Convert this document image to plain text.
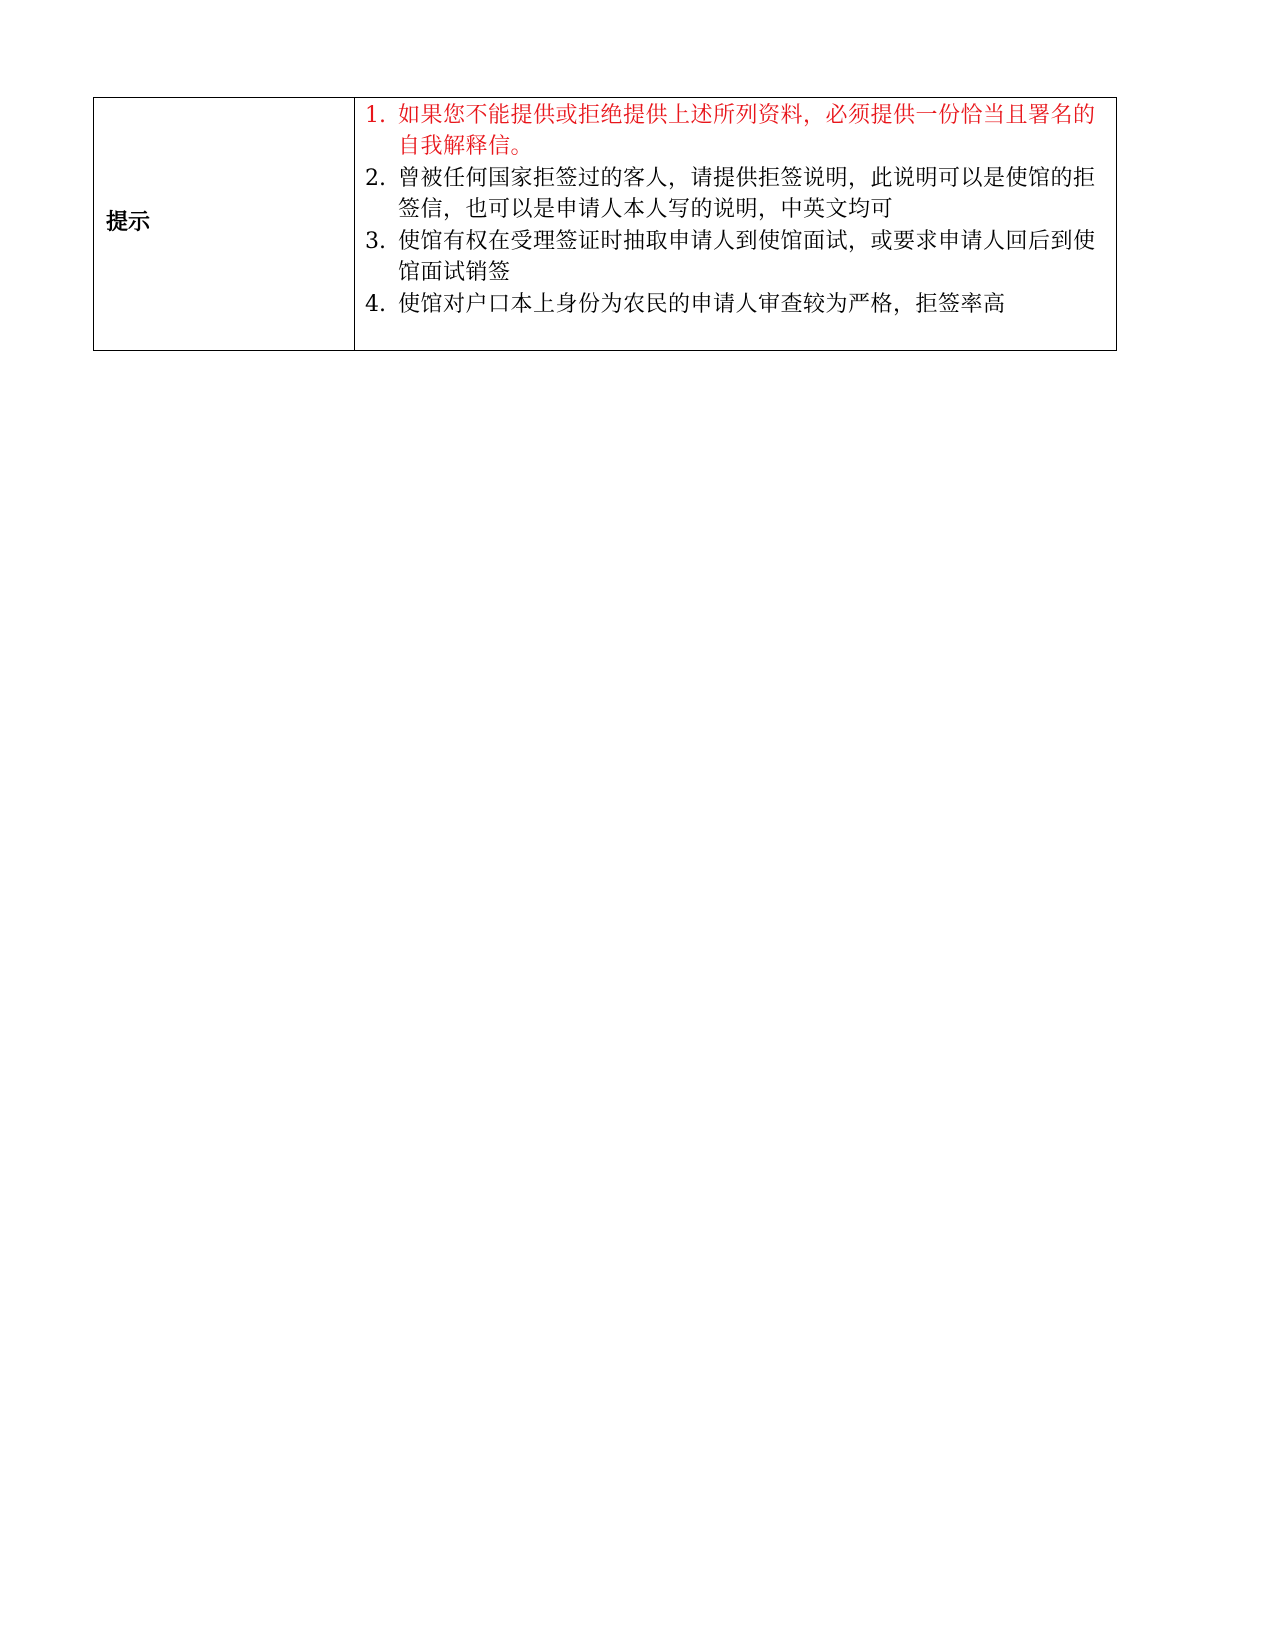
提示
1. 如果您不能提供或拒绝提供上述所列资料，必须提供一份恰当且署名的自我解释信。
2. 曾被任何国家拒签过的客人，请提供拒签说明，此说明可以是使馆的拒签信，也可以是申请人本人写的说明，中英文均可
3. 使馆有权在受理签证时抽取申请人到使馆面试，或要求申请人回后到使馆面试销签
4. 使馆对户口本上身份为农民的申请人审查较为严格，拒签率高
